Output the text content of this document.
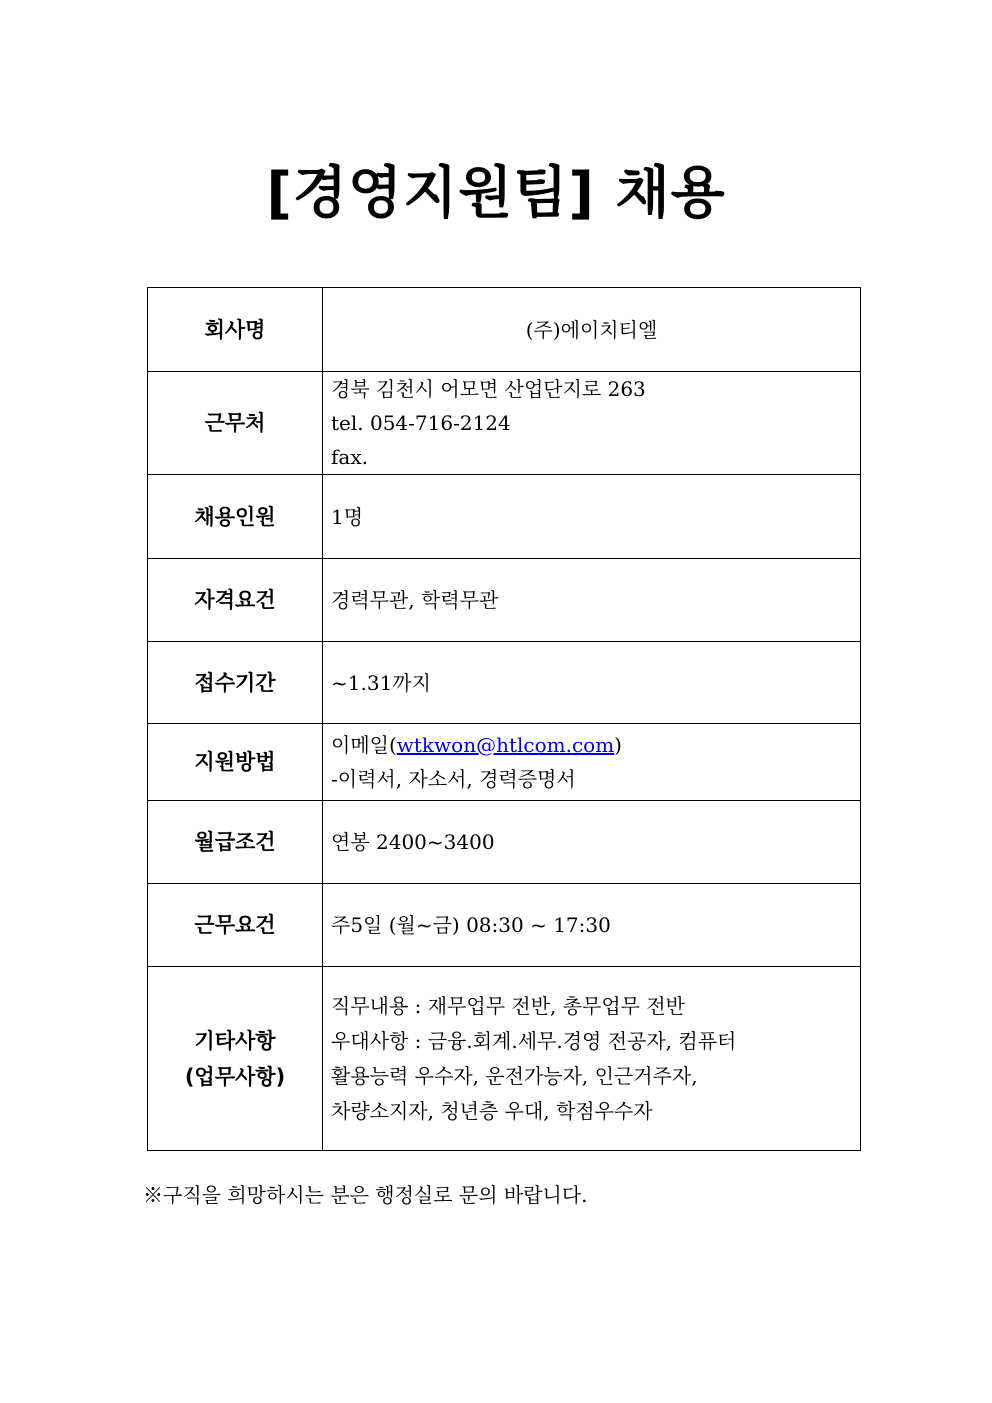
[경영지원팀] 채용
회사명	(주)에이치티엘
근무처	경북 김천시 어모면 산업단지로 263
tel. 054-716-2124
fax.

채용인원	1명
자격요건	경력무관, 학력무관
접수기간	~1.31까지
지원방법	이메일(wtkwon@htlcom.com)
-이력서, 자소서, 경력증명서

월급조건	연봉 2400~3400
근무요건	주5일 (월~금) 08:30 ~ 17:30

기타사항
(업무사항)	직무내용 : 재무업무 전반, 총무업무 전반
우대사항 : 금융.회계.세무.경영 전공자, 컴퓨터
활용능력 우수자, 운전가능자, 인근거주자,
차량소지자, 청년층 우대, 학점우수자
※구직을 희망하시는 분은 행정실로 문의 바랍니다.
